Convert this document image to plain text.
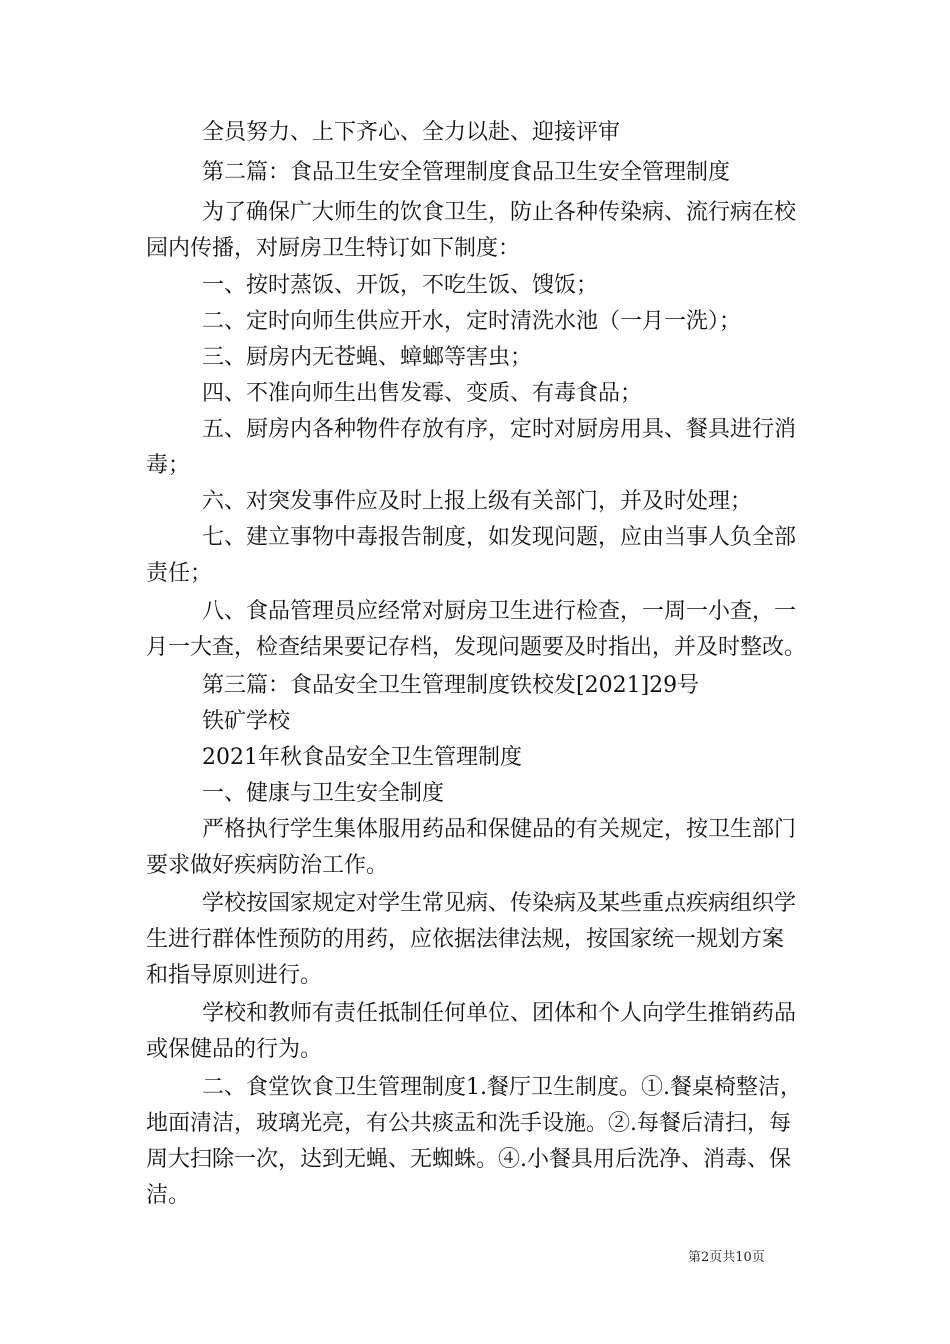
全员努力、上下齐心、全力以赴、迎接评审
第二篇：食品卫生安全管理制度食品卫生安全管理制度
为了确保广大师生的饮食卫生，防止各种传染病、流行病在校
园内传播，对厨房卫生特订如下制度：
一、按时蒸饭、开饭，不吃生饭、馊饭；
二、定时向师生供应开水，定时清洗水池（一月一洗）；
三、厨房内无苍蝇、蟑螂等害虫；
四、不准向师生出售发霉、变质、有毒食品；
五、厨房内各种物件存放有序，定时对厨房用具、餐具进行消
毒；
六、对突发事件应及时上报上级有关部门，并及时处理；
七、建立事物中毒报告制度，如发现问题，应由当事人负全部
责任；
八、食品管理员应经常对厨房卫生进行检查，一周一小查，一
月一大查，检查结果要记存档，发现问题要及时指出，并及时整改。
第三篇：食品安全卫生管理制度铁校发[2021]29号
铁矿学校
2021年秋食品安全卫生管理制度
一、健康与卫生安全制度
严格执行学生集体服用药品和保健品的有关规定，按卫生部门
要求做好疾病防治工作。
学校按国家规定对学生常见病、传染病及某些重点疾病组织学
生进行群体性预防的用药，应依据法律法规，按国家统一规划方案
和指导原则进行。
学校和教师有责任抵制任何单位、团体和个人向学生推销药品
或保健品的行为。
二、食堂饮食卫生管理制度1.餐厅卫生制度。①.餐桌椅整洁，
地面清洁，玻璃光亮，有公共痰盂和洗手设施。②.每餐后清扫，每
周大扫除一次，达到无蝇、无蜘蛛。④.小餐具用后洗净、消毒、保
洁。
第2页共10页
